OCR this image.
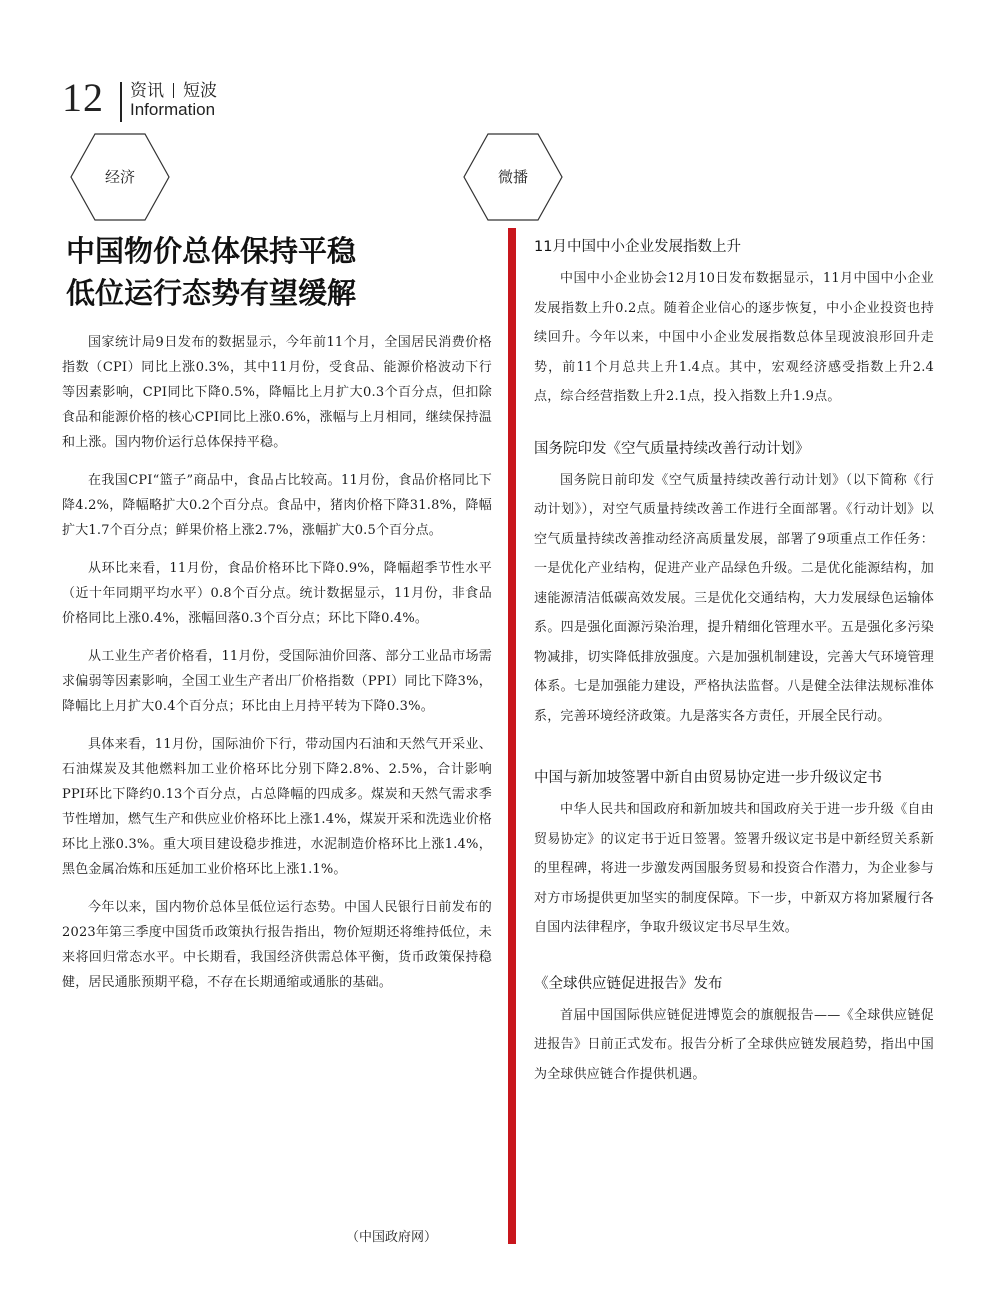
12 资讯 短波
Information
经济	微播
中国物价总体保持平稳
低位运行态势有望缓解

国家统计局9日发布的数据显示，今年前11个月，全国居民消费价格指数（CPI）同比上涨0.3%，其中11月份，受食品、能源价格波动下行等因素影响，CPI同比下降0.5%，降幅比上月扩大0.3个百分点，但扣除食品和能源价格的核心CPI同比上涨0.6%，涨幅与上月相同，继续保持温和上涨。国内物价运行总体保持平稳。

在我国CPI“篮子”商品中，食品占比较高。11月份，食品价格同比下降4.2%，降幅略扩大0.2个百分点。食品中，猪肉价格下降31.8%，降幅扩大1.7个百分点；鲜果价格上涨2.7%，涨幅扩大0.5个百分点。

从环比来看，11月份，食品价格环比下降0.9%，降幅超季节性水平（近十年同期平均水平）0.8个百分点。统计数据显示，11月份，非食品价格同比上涨0.4%，涨幅回落0.3个百分点；环比下降0.4%。

从工业生产者价格看，11月份，受国际油价回落、部分工业品市场需求偏弱等因素影响，全国工业生产者出厂价格指数（PPI）同比下降3%，降幅比上月扩大0.4个百分点；环比由上月持平转为下降0.3%。

具体来看，11月份，国际油价下行，带动国内石油和天然气开采业、石油煤炭及其他燃料加工业价格环比分别下降2.8%、2.5%，合计影响PPI环比下降约0.13个百分点，占总降幅的四成多。煤炭和天然气需求季节性增加，燃气生产和供应业价格环比上涨1.4%，煤炭开采和洗选业价格环比上涨0.3%。重大项目建设稳步推进，水泥制造价格环比上涨1.4%，黑色金属冶炼和压延加工业价格环比上涨1.1%。

今年以来，国内物价总体呈低位运行态势。中国人民银行日前发布的2023年第三季度中国货币政策执行报告指出，物价短期还将维持低位，未来将回归常态水平。中长期看，我国经济供需总体平衡，货币政策保持稳健，居民通胀预期平稳，不存在长期通缩或通胀的基础。

（中国政府网）
11月中国中小企业发展指数上升

中国中小企业协会12月10日发布数据显示，11月中国中小企业发展指数上升0.2点。随着企业信心的逐步恢复，中小企业投资也持续回升。今年以来，中国中小企业发展指数总体呈现波浪形回升走势，前11个月总共上升1.4点。其中，宏观经济感受指数上升2.4点，综合经营指数上升2.1点，投入指数上升1.9点。

国务院印发《空气质量持续改善行动计划》

国务院日前印发《空气质量持续改善行动计划》（以下简称《行动计划》），对空气质量持续改善工作进行全面部署。《行动计划》以空气质量持续改善推动经济高质量发展，部署了9项重点工作任务：一是优化产业结构，促进产业产品绿色升级。二是优化能源结构，加速能源清洁低碳高效发展。三是优化交通结构，大力发展绿色运输体系。四是强化面源污染治理，提升精细化管理水平。五是强化多污染物减排，切实降低排放强度。六是加强机制建设，完善大气环境管理体系。七是加强能力建设，严格执法监督。八是健全法律法规标准体系，完善环境经济政策。九是落实各方责任，开展全民行动。

中国与新加坡签署中新自由贸易协定进一步升级议定书

中华人民共和国政府和新加坡共和国政府关于进一步升级《自由贸易协定》的议定书于近日签署。签署升级议定书是中新经贸关系新的里程碑，将进一步激发两国服务贸易和投资合作潜力，为企业参与对方市场提供更加坚实的制度保障。下一步，中新双方将加紧履行各自国内法律程序，争取升级议定书尽早生效。

《全球供应链促进报告》发布

首届中国国际供应链促进博览会的旗舰报告——《全球供应链促进报告》日前正式发布。报告分析了全球供应链发展趋势，指出中国为全球供应链合作提供机遇。
